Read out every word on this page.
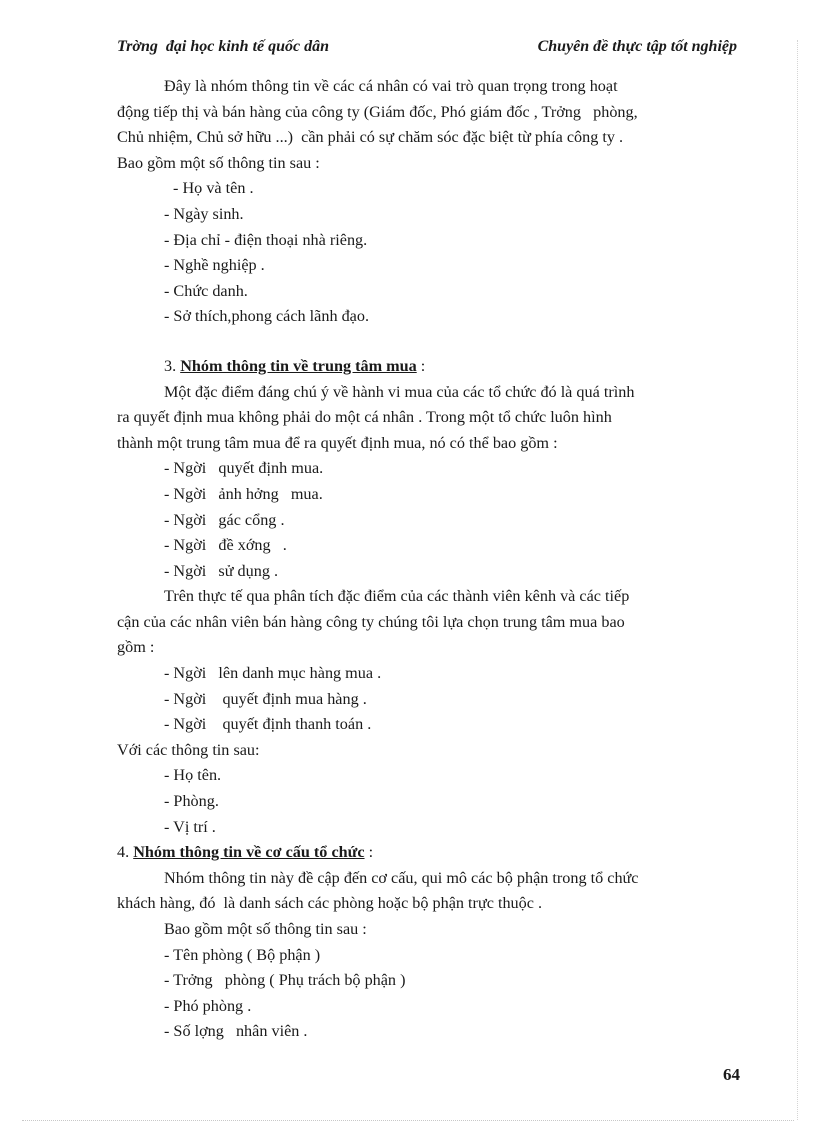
Trờng  đại học kinh tế quốc dân	Chuyên đề thực tập tốt nghiệp

Đây là nhóm thông tin về các cá nhân có vai trò quan trọng trong hoạt

động tiếp thị và bán hàng của công ty (Giám đốc, Phó giám đốc , Trởng   phòng,

Chủ nhiệm, Chủ sở hữu ...)  cần phải có sự chăm sóc đặc biệt từ phía công ty .

Bao gồm một số thông tin sau :

- Họ và tên .

- Ngày sinh.

- Địa chỉ - điện thoại nhà riêng.

- Nghề nghiệp .

- Chức danh.

- Sở thích,phong cách lãnh đạo.

3. Nhóm thông tin về trung tâm mua :

Một đặc điểm đáng chú ý về hành vi mua của các tổ chức đó là quá trình

ra quyết định mua không phải do một cá nhân . Trong một tổ chức luôn hình

thành một trung tâm mua để ra quyết định mua, nó có thể bao gồm :

- Ngời   quyết định mua.

- Ngời   ảnh hởng   mua.

- Ngời   gác cổng .

- Ngời   đề xớng   .

- Ngời   sử dụng .

Trên thực tế qua phân tích đặc điểm của các thành viên kênh và các tiếp

cận của các nhân viên bán hàng công ty chúng tôi lựa chọn trung tâm mua bao

gồm :

- Ngời   lên danh mục hàng mua .

- Ngời    quyết định mua hàng .

- Ngời    quyết định thanh toán .

Với các thông tin sau:

- Họ tên.

- Phòng.

- Vị trí .

4. Nhóm thông tin về cơ cấu tổ chức :

Nhóm thông tin này đề cập đến cơ cấu, qui mô các bộ phận trong tổ chức

khách hàng, đó  là danh sách các phòng hoặc bộ phận trực thuộc .

Bao gồm một số thông tin sau :

- Tên phòng ( Bộ phận )

- Trởng   phòng ( Phụ trách bộ phận )

- Phó phòng .

- Số lợng   nhân viên .

64
